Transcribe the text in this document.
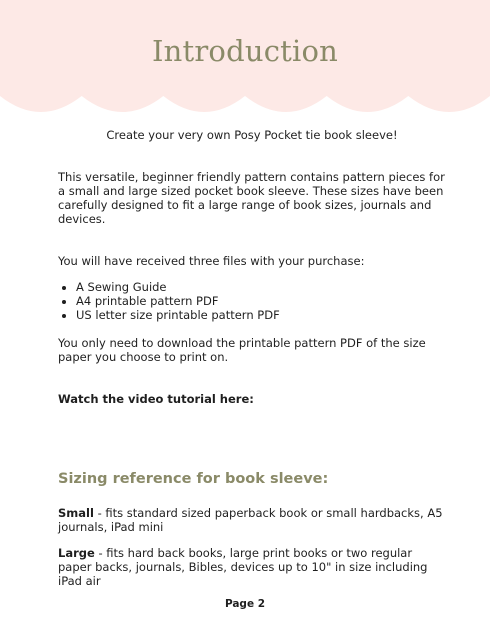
Introduction

Create your very own Posy Pocket tie book sleeve!

This versatile, beginner friendly pattern contains pattern pieces for a small and large sized pocket book sleeve. These sizes have been carefully designed to fit a large range of book sizes, journals and devices.

You will have received three files with your purchase:

• A Sewing Guide
• A4 printable pattern PDF
• US letter size printable pattern PDF

You only need to download the printable pattern PDF of the size paper you choose to print on.

Watch the video tutorial here:

Sizing reference for book sleeve:

Small - fits standard sized paperback book or small hardbacks, A5 journals, iPad mini

Large - fits hard back books, large print books or two regular paper backs, journals, Bibles, devices up to 10" in size including iPad air

Page 2
